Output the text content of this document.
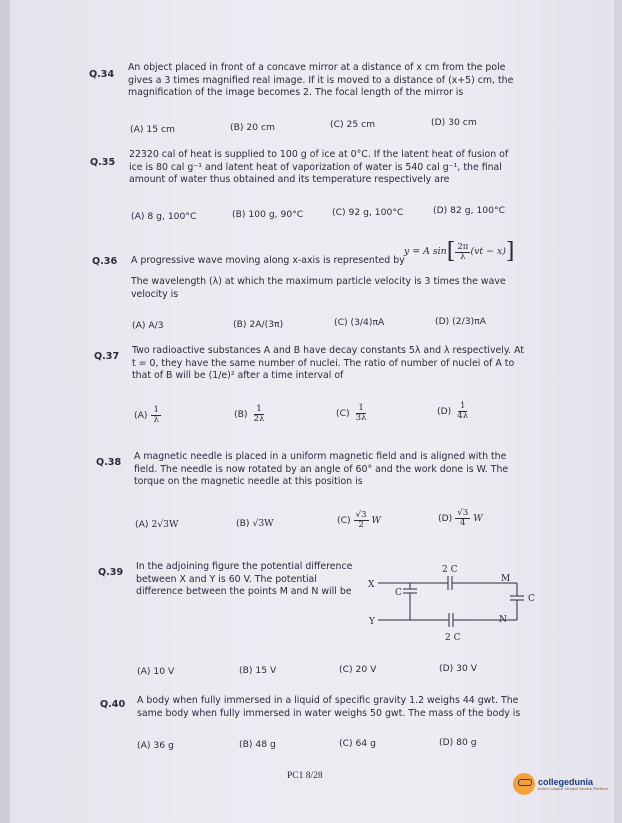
Q.34
An object placed in front of a concave mirror at a distance of x cm from the pole
gives a 3 times magnified real image. If it is moved to a distance of (x+5) cm, the
magnification of the image becomes 2. The focal length of the mirror is
(A) 15 cm	(B) 20 cm	(C) 25 cm	(D) 30 cm
Q.35
22320 cal of heat is supplied to 100 g of ice at 0°C. If the latent heat of fusion of
ice is 80 cal g⁻¹ and latent heat of vaporization of water is 540 cal g⁻¹, the final
amount of water thus obtained and its temperature respectively are
(A) 8 g, 100°C	(B) 100 g, 90°C	(C) 92 g, 100°C	(D) 82 g, 100°C
Q.36 A progressive wave moving along x-axis is represented by
y = A sin [ $\frac{2\pi}{\lambda} (vt - x)$ ]
The wavelength (λ) at which the maximum particle velocity is 3 times the wave
velocity is
(A) A/3	(B) 2A/(3π)	(C) (3/4)πA	(D) (2/3)πA
Q.37
Two radioactive substances A and B have decay constants 5λ and λ respectively. At
t = 0, they have the same number of nuclei. The ratio of number of nuclei of A to
that of B will be (1/e)² after a time interval of
$(A) \frac{1}{\lambda}$	$(B) \frac{1}{2\lambda}$	$(C) \frac{1}{3\lambda}$	$(D) \frac{1}{4\lambda}$
Q.38
A magnetic needle is placed in a uniform magnetic field and is aligned with the
field. The needle is now rotated by an angle of 60° and the work done is W. The
torque on the magnetic needle at this position is
(A) 2√3W	(B) √3W	$(C) \frac{√3}{2}$ W	$(D) \frac{√3}{4}$ W
Q.39
In the adjoining figure the potential difference
between X and Y is 60 V. The potential
difference between the points M and N will be
X
Y
2 C
C
M
C
N
2 C
(A) 10 V	(B) 15 V	(C) 20 V	(D) 30 V
Q.40 A body when fully immersed in a liquid of specific gravity 1.2 weighs 44 gwt. The
same body when fully immersed in water weighs 50 gwt. The mass of the body is
(A) 36 g	(B) 48 g	(C) 64 g	(D) 80 g
PC1 8/28
collegedunia
India's Largest Student Review Platform
